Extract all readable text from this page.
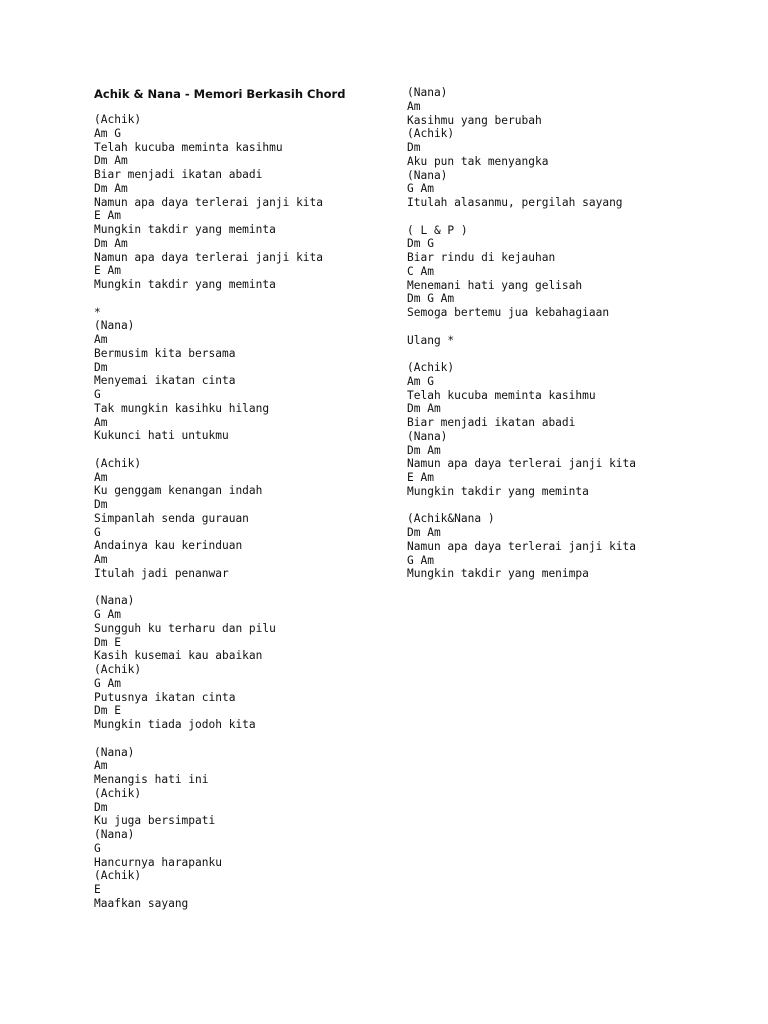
Achik & Nana - Memori Berkasih Chord
(Achik)
Am G
Telah kucuba meminta kasihmu
Dm Am
Biar menjadi ikatan abadi
Dm Am
Namun apa daya terlerai janji kita
E Am
Mungkin takdir yang meminta
Dm Am
Namun apa daya terlerai janji kita
E Am
Mungkin takdir yang meminta
*
(Nana)
Am
Bermusim kita bersama
Dm
Menyemai ikatan cinta
G
Tak mungkin kasihku hilang
Am
Kukunci hati untukmu
(Achik)
Am
Ku genggam kenangan indah
Dm
Simpanlah senda gurauan
G
Andainya kau kerinduan
Am
Itulah jadi penanwar
(Nana)
G Am
Sungguh ku terharu dan pilu
Dm E
Kasih kusemai kau abaikan
(Achik)
G Am
Putusnya ikatan cinta
Dm E
Mungkin tiada jodoh kita
(Nana)
Am
Menangis hati ini
(Achik)
Dm
Ku juga bersimpati
(Nana)
G
Hancurnya harapanku
(Achik)
E
Maafkan sayang
(Nana)
Am
Kasihmu yang berubah
(Achik)
Dm
Aku pun tak menyangka
(Nana)
G Am
Itulah alasanmu, pergilah sayang
( L & P )
Dm G
Biar rindu di kejauhan
C Am
Menemani hati yang gelisah
Dm G Am
Semoga bertemu jua kebahagiaan
Ulang *
(Achik)
Am G
Telah kucuba meminta kasihmu
Dm Am
Biar menjadi ikatan abadi
(Nana)
Dm Am
Namun apa daya terlerai janji kita
E Am
Mungkin takdir yang meminta
(Achik&Nana )
Dm Am
Namun apa daya terlerai janji kita
G Am
Mungkin takdir yang menimpa
